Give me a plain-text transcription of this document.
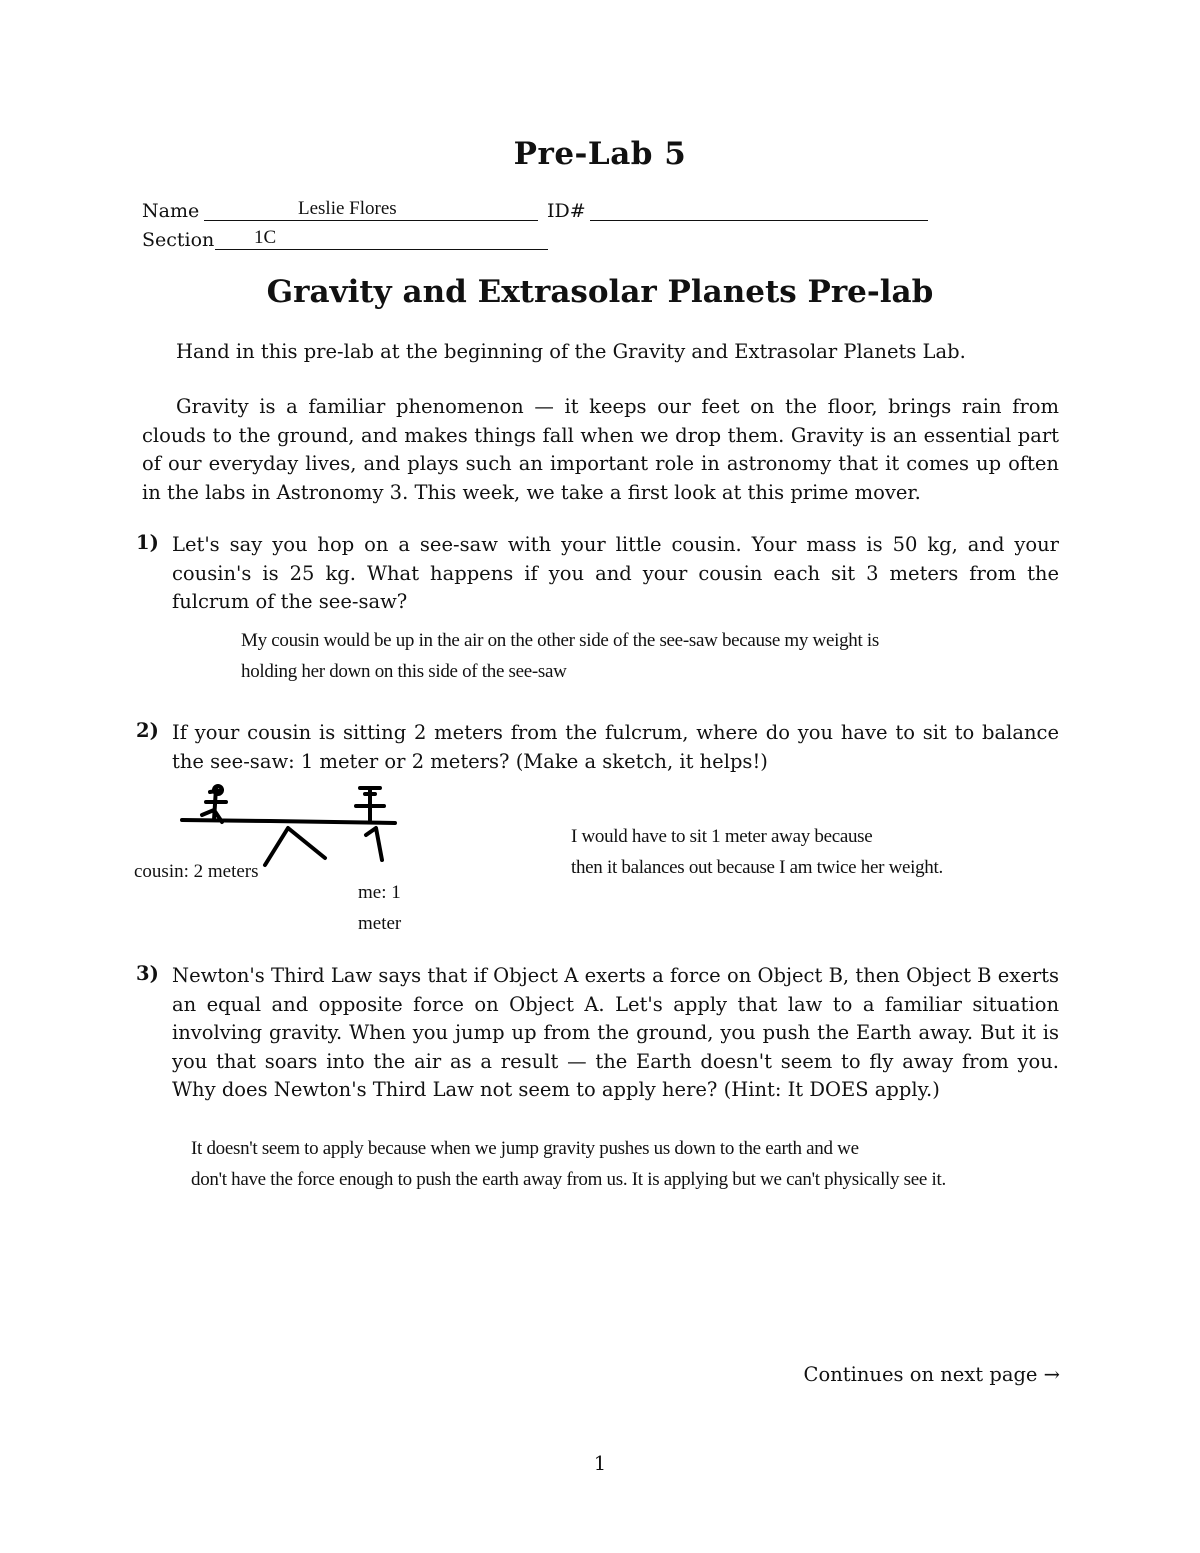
Pre-Lab 5
Name	Leslie Flores	ID#
Section 1C
Gravity and Extrasolar Planets Pre-lab
Hand in this pre-lab at the beginning of the Gravity and Extrasolar Planets Lab.
Gravity is a familiar phenomenon — it keeps our feet on the floor, brings rain from clouds to the ground, and makes things fall when we drop them. Gravity is an essential part of our everyday lives, and plays such an important role in astronomy that it comes up often in the labs in Astronomy 3. This week, we take a first look at this prime mover.
1) Let's say you hop on a see-saw with your little cousin. Your mass is 50 kg, and your cousin's is 25 kg. What happens if you and your cousin each sit 3 meters from the fulcrum of the see-saw?
My cousin would be up in the air on the other side of the see-saw because my weight is
holding her down on this side of the see-saw
2) If your cousin is sitting 2 meters from the fulcrum, where do you have to sit to balance the see-saw: 1 meter or 2 meters? (Make a sketch, it helps!)
cousin: 2 meters
me: 1
meter
I would have to sit 1 meter away because
then it balances out because I am twice her weight.
3) Newton's Third Law says that if Object A exerts a force on Object B, then Object B exerts an equal and opposite force on Object A. Let's apply that law to a familiar situation involving gravity. When you jump up from the ground, you push the Earth away. But it is you that soars into the air as a result — the Earth doesn't seem to fly away from you. Why does Newton's Third Law not seem to apply here? (Hint: It DOES apply.)
It doesn't seem to apply because when we jump gravity pushes us down to the earth and we
don't have the force enough to push the earth away from us. It is applying but we can't physically see it.
Continues on next page →
1
